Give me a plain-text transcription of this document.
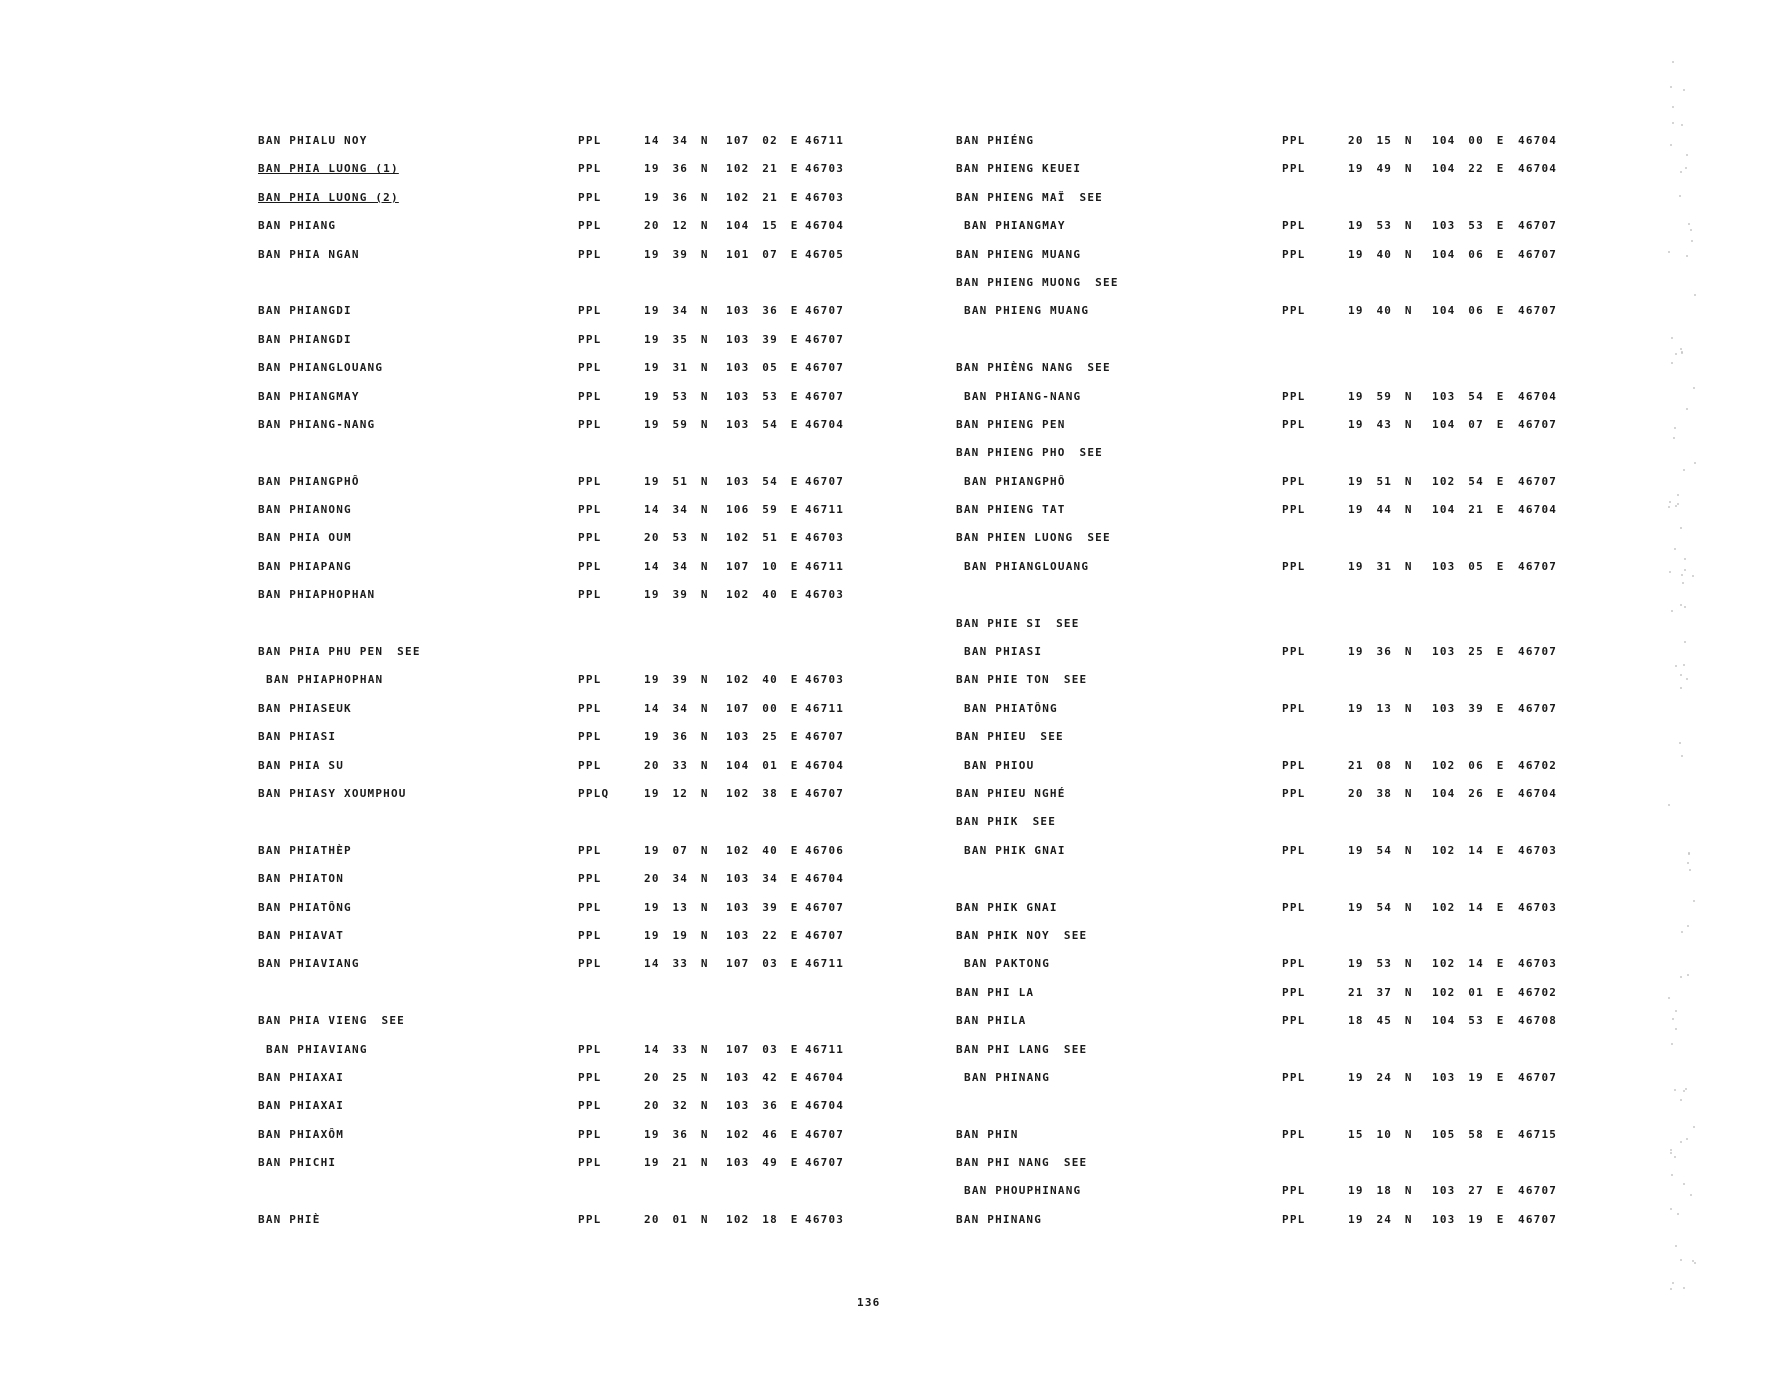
BAN PHIALU NOY	PPL	14 34 N 107 02 E 46711
BAN PHIA LUONG (1)	PPL	19 36 N 102 21 E 46703
BAN PHIA LUONG (2)	PPL	19 36 N 102 21 E 46703
BAN PHIANG	PPL	20 12 N 104 15 E 46704
BAN PHIA NGAN	PPL	19 39 N 101 07 E 46705
BAN PHIANGDI	PPL	19 34 N 103 36 E 46707
BAN PHIANGDI	PPL	19 35 N 103 39 E 46707
BAN PHIANGLOUANG	PPL	19 31 N 103 05 E 46707
BAN PHIANGMAY	PPL	19 53 N 103 53 E 46707
BAN PHIANG-NANG	PPL	19 59 N 103 54 E 46704
BAN PHIANGPHÔ	PPL	19 51 N 103 54 E 46707
BAN PHIANONG	PPL	14 34 N 106 59 E 46711
BAN PHIA OUM	PPL	20 53 N 102 51 E 46703
BAN PHIAPANG	PPL	14 34 N 107 10 E 46711
BAN PHIAPHOPHAN	PPL	19 39 N 102 40 E 46703
BAN PHIA PHU PEN SEE
BAN PHIAPHOPHAN	PPL	19 39 N 102 40 E 46703
BAN PHIASEUK	PPL	14 34 N 107 00 E 46711
BAN PHIASI	PPL	19 36 N 103 25 E 46707
BAN PHIA SU	PPL	20 33 N 104 01 E 46704
BAN PHIASY XOUMPHOU	PPLQ	19 12 N 102 38 E 46707
BAN PHIATHÈP	PPL	19 07 N 102 40 E 46706
BAN PHIATON	PPL	20 34 N 103 34 E 46704
BAN PHIATÔNG	PPL	19 13 N 103 39 E 46707
BAN PHIAVAT	PPL	19 19 N 103 22 E 46707
BAN PHIAVIANG	PPL	14 33 N 107 03 E 46711
BAN PHIA VIENG SEE
BAN PHIAVIANG	PPL	14 33 N 107 03 E 46711
BAN PHIAXAI	PPL	20 25 N 103 42 E 46704
BAN PHIAXAI	PPL	20 32 N 103 36 E 46704
BAN PHIAXÔM	PPL	19 36 N 102 46 E 46707
BAN PHICHI	PPL	19 21 N 103 49 E 46707
BAN PHIÈ	PPL	20 01 N 102 18 E 46703
BAN PHIÉNG	PPL	20 15 N 104 00 E 46704
BAN PHIENG KEUEI	PPL	19 49 N 104 22 E 46704
BAN PHIENG MAÏ SEE
BAN PHIANGMAY	PPL	19 53 N 103 53 E 46707
BAN PHIENG MUANG	PPL	19 40 N 104 06 E 46707
BAN PHIENG MUONG SEE
BAN PHIENG MUANG	PPL	19 40 N 104 06 E 46707
BAN PHIÈNG NANG SEE
BAN PHIANG-NANG	PPL	19 59 N 103 54 E 46704
BAN PHIENG PEN	PPL	19 43 N 104 07 E 46707
BAN PHIENG PHO SEE
BAN PHIANGPHÔ	PPL	19 51 N 102 54 E 46707
BAN PHIENG TAT	PPL	19 44 N 104 21 E 46704
BAN PHIEN LUONG SEE
BAN PHIANGLOUANG	PPL	19 31 N 103 05 E 46707
BAN PHIE SI SEE
BAN PHIASI	PPL	19 36 N 103 25 E 46707
BAN PHIE TON SEE
BAN PHIATÔNG	PPL	19 13 N 103 39 E 46707
BAN PHIEU SEE
BAN PHIOU	PPL	21 08 N 102 06 E 46702
BAN PHIEU NGHÉ	PPL	20 38 N 104 26 E 46704
BAN PHIK SEE
BAN PHIK GNAI	PPL	19 54 N 102 14 E 46703
BAN PHIK GNAI	PPL	19 54 N 102 14 E 46703
BAN PHIK NOY SEE
BAN PAKTONG	PPL	19 53 N 102 14 E 46703
BAN PHI LA	PPL	21 37 N 102 01 E 46702
BAN PHILA	PPL	18 45 N 104 53 E 46708
BAN PHI LANG SEE
BAN PHINANG	PPL	19 24 N 103 19 E 46707
BAN PHIN	PPL	15 10 N 105 58 E 46715
BAN PHI NANG SEE
BAN PHOUPHINANG	PPL	19 18 N 103 27 E 46707
BAN PHINANG	PPL	19 24 N 103 19 E 46707
136
